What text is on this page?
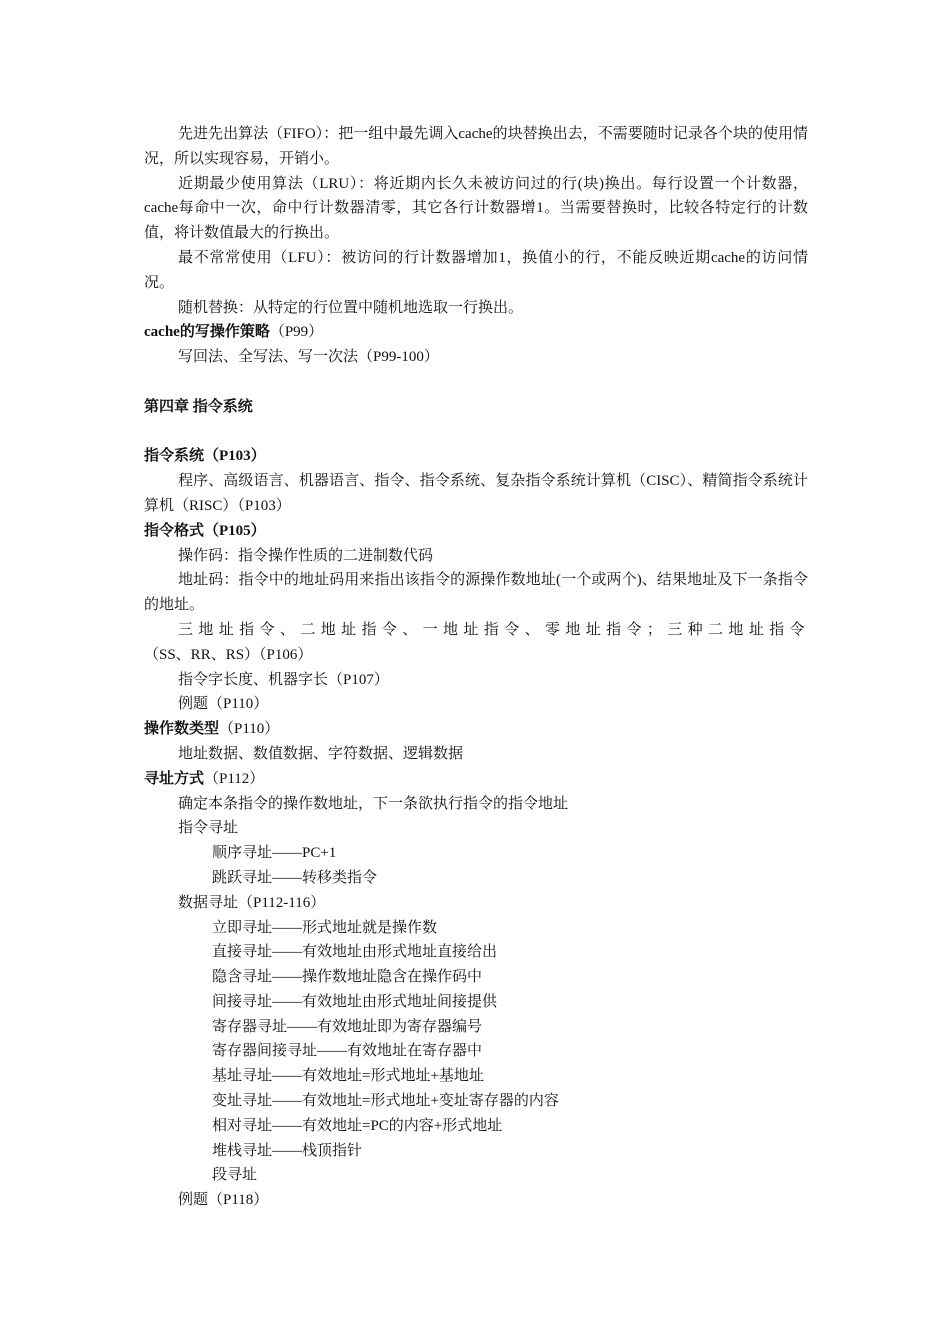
先进先出算法（FIFO）：把一组中最先调入cache的块替换出去，不需要随时记录各个块的使用情况，所以实现容易，开销小。

近期最少使用算法（LRU）：将近期内长久未被访问过的行(块)换出。每行设置一个计数器，cache每命中一次，命中行计数器清零，其它各行计数器增1。当需要替换时，比较各特定行的计数值，将计数值最大的行换出。

最不常常使用（LFU）：被访问的行计数器增加1，换值小的行，不能反映近期cache的访问情况。

随机替换：从特定的行位置中随机地选取一行换出。

cache的写操作策略（P99）

写回法、全写法、写一次法（P99-100）

第四章 指令系统

指令系统（P103）

程序、高级语言、机器语言、指令、指令系统、复杂指令系统计算机（CISC）、精简指令系统计算机（RISC）（P103）

指令格式（P105）

操作码：指令操作性质的二进制数代码

地址码：指令中的地址码用来指出该指令的源操作数地址(一个或两个)、结果地址及下一条指令的地址。

三地址指令、二地址指令、一地址指令、零地址指令；三种二地址指令

（SS、RR、RS）（P106）

指令字长度、机器字长（P107）

例题（P110）

操作数类型（P110）

地址数据、数值数据、字符数据、逻辑数据

寻址方式（P112）

确定本条指令的操作数地址，下一条欲执行指令的指令地址

指令寻址

顺序寻址——PC+1

跳跃寻址——转移类指令

数据寻址（P112-116）

立即寻址——形式地址就是操作数

直接寻址——有效地址由形式地址直接给出

隐含寻址——操作数地址隐含在操作码中

间接寻址——有效地址由形式地址间接提供

寄存器寻址——有效地址即为寄存器编号

寄存器间接寻址——有效地址在寄存器中

基址寻址——有效地址=形式地址+基地址

变址寻址——有效地址=形式地址+变址寄存器的内容

相对寻址——有效地址=PC的内容+形式地址

堆栈寻址——栈顶指针

段寻址

例题（P118）
